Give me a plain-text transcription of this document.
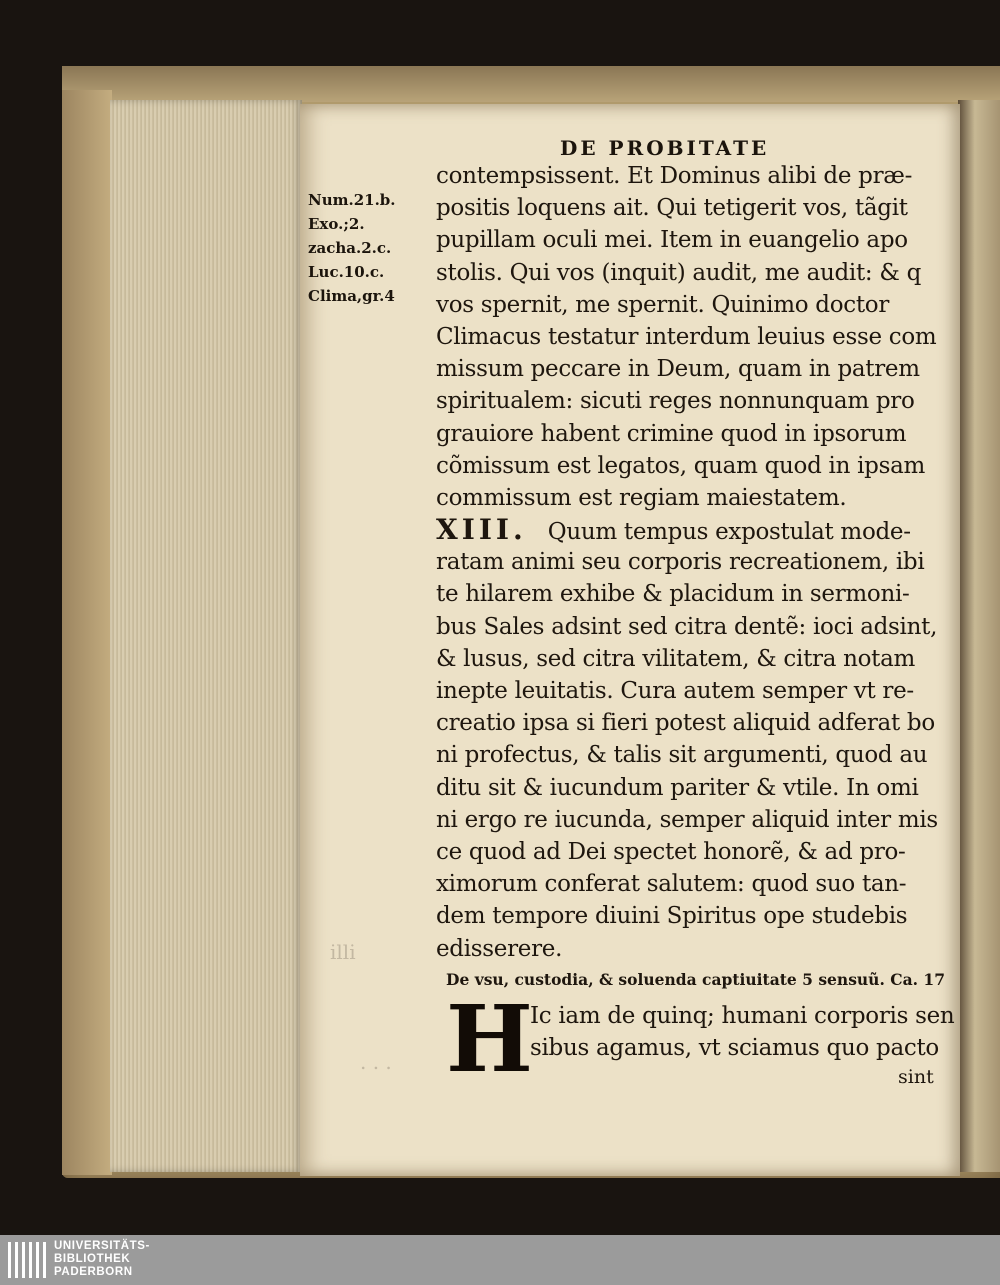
illi
. . .
DE PROBITATE
Num.21.b.
Exo.;2.
zacha.2.c.
Luc.10.c.
Clima,gr.4
contempsissent. Et Dominus alibi de præ-
positis loquens ait. Qui tetigerit vos, tãgit
pupillam oculi mei. Item in euangelio apo
stolis. Qui vos (inquit) audit, me audit: & q
vos spernit, me spernit. Quinimo doctor
Climacus testatur interdum leuius esse com
missum peccare in Deum, quam in patrem
spiritualem: sicuti reges nonnunquam pro
grauiore habent crimine quod in ipsorum
cõmissum est legatos, quam quod in ipsam
commissum est regiam maiestatem.
XIII. Quum tempus expostulat mode-
ratam animi seu corporis recreationem, ibi
te hilarem exhibe & placidum in sermoni-
bus Sales adsint sed citra dentẽ: ioci adsint,
& lusus, sed citra vilitatem, & citra notam
inepte leuitatis. Cura autem semper vt re-
creatio ipsa si fieri potest aliquid adferat bo
ni profectus, & talis sit argumenti, quod au
ditu sit & iucundum pariter & vtile. In omi
ni ergo re iucunda, semper aliquid inter mis
ce quod ad Dei spectet honorẽ, & ad pro-
ximorum conferat salutem: quod suo tan-
dem tempore diuini Spiritus ope studebis
edisserere.
De vsu, custodia, & soluenda captiuitate 5 sensuũ. Ca. 17
H
Ic iam de quinq; humani corporis sen
sibus agamus, vt sciamus quo pacto
sint
UNIVERSITÄTS-
BIBLIOTHEK
PADERBORN
